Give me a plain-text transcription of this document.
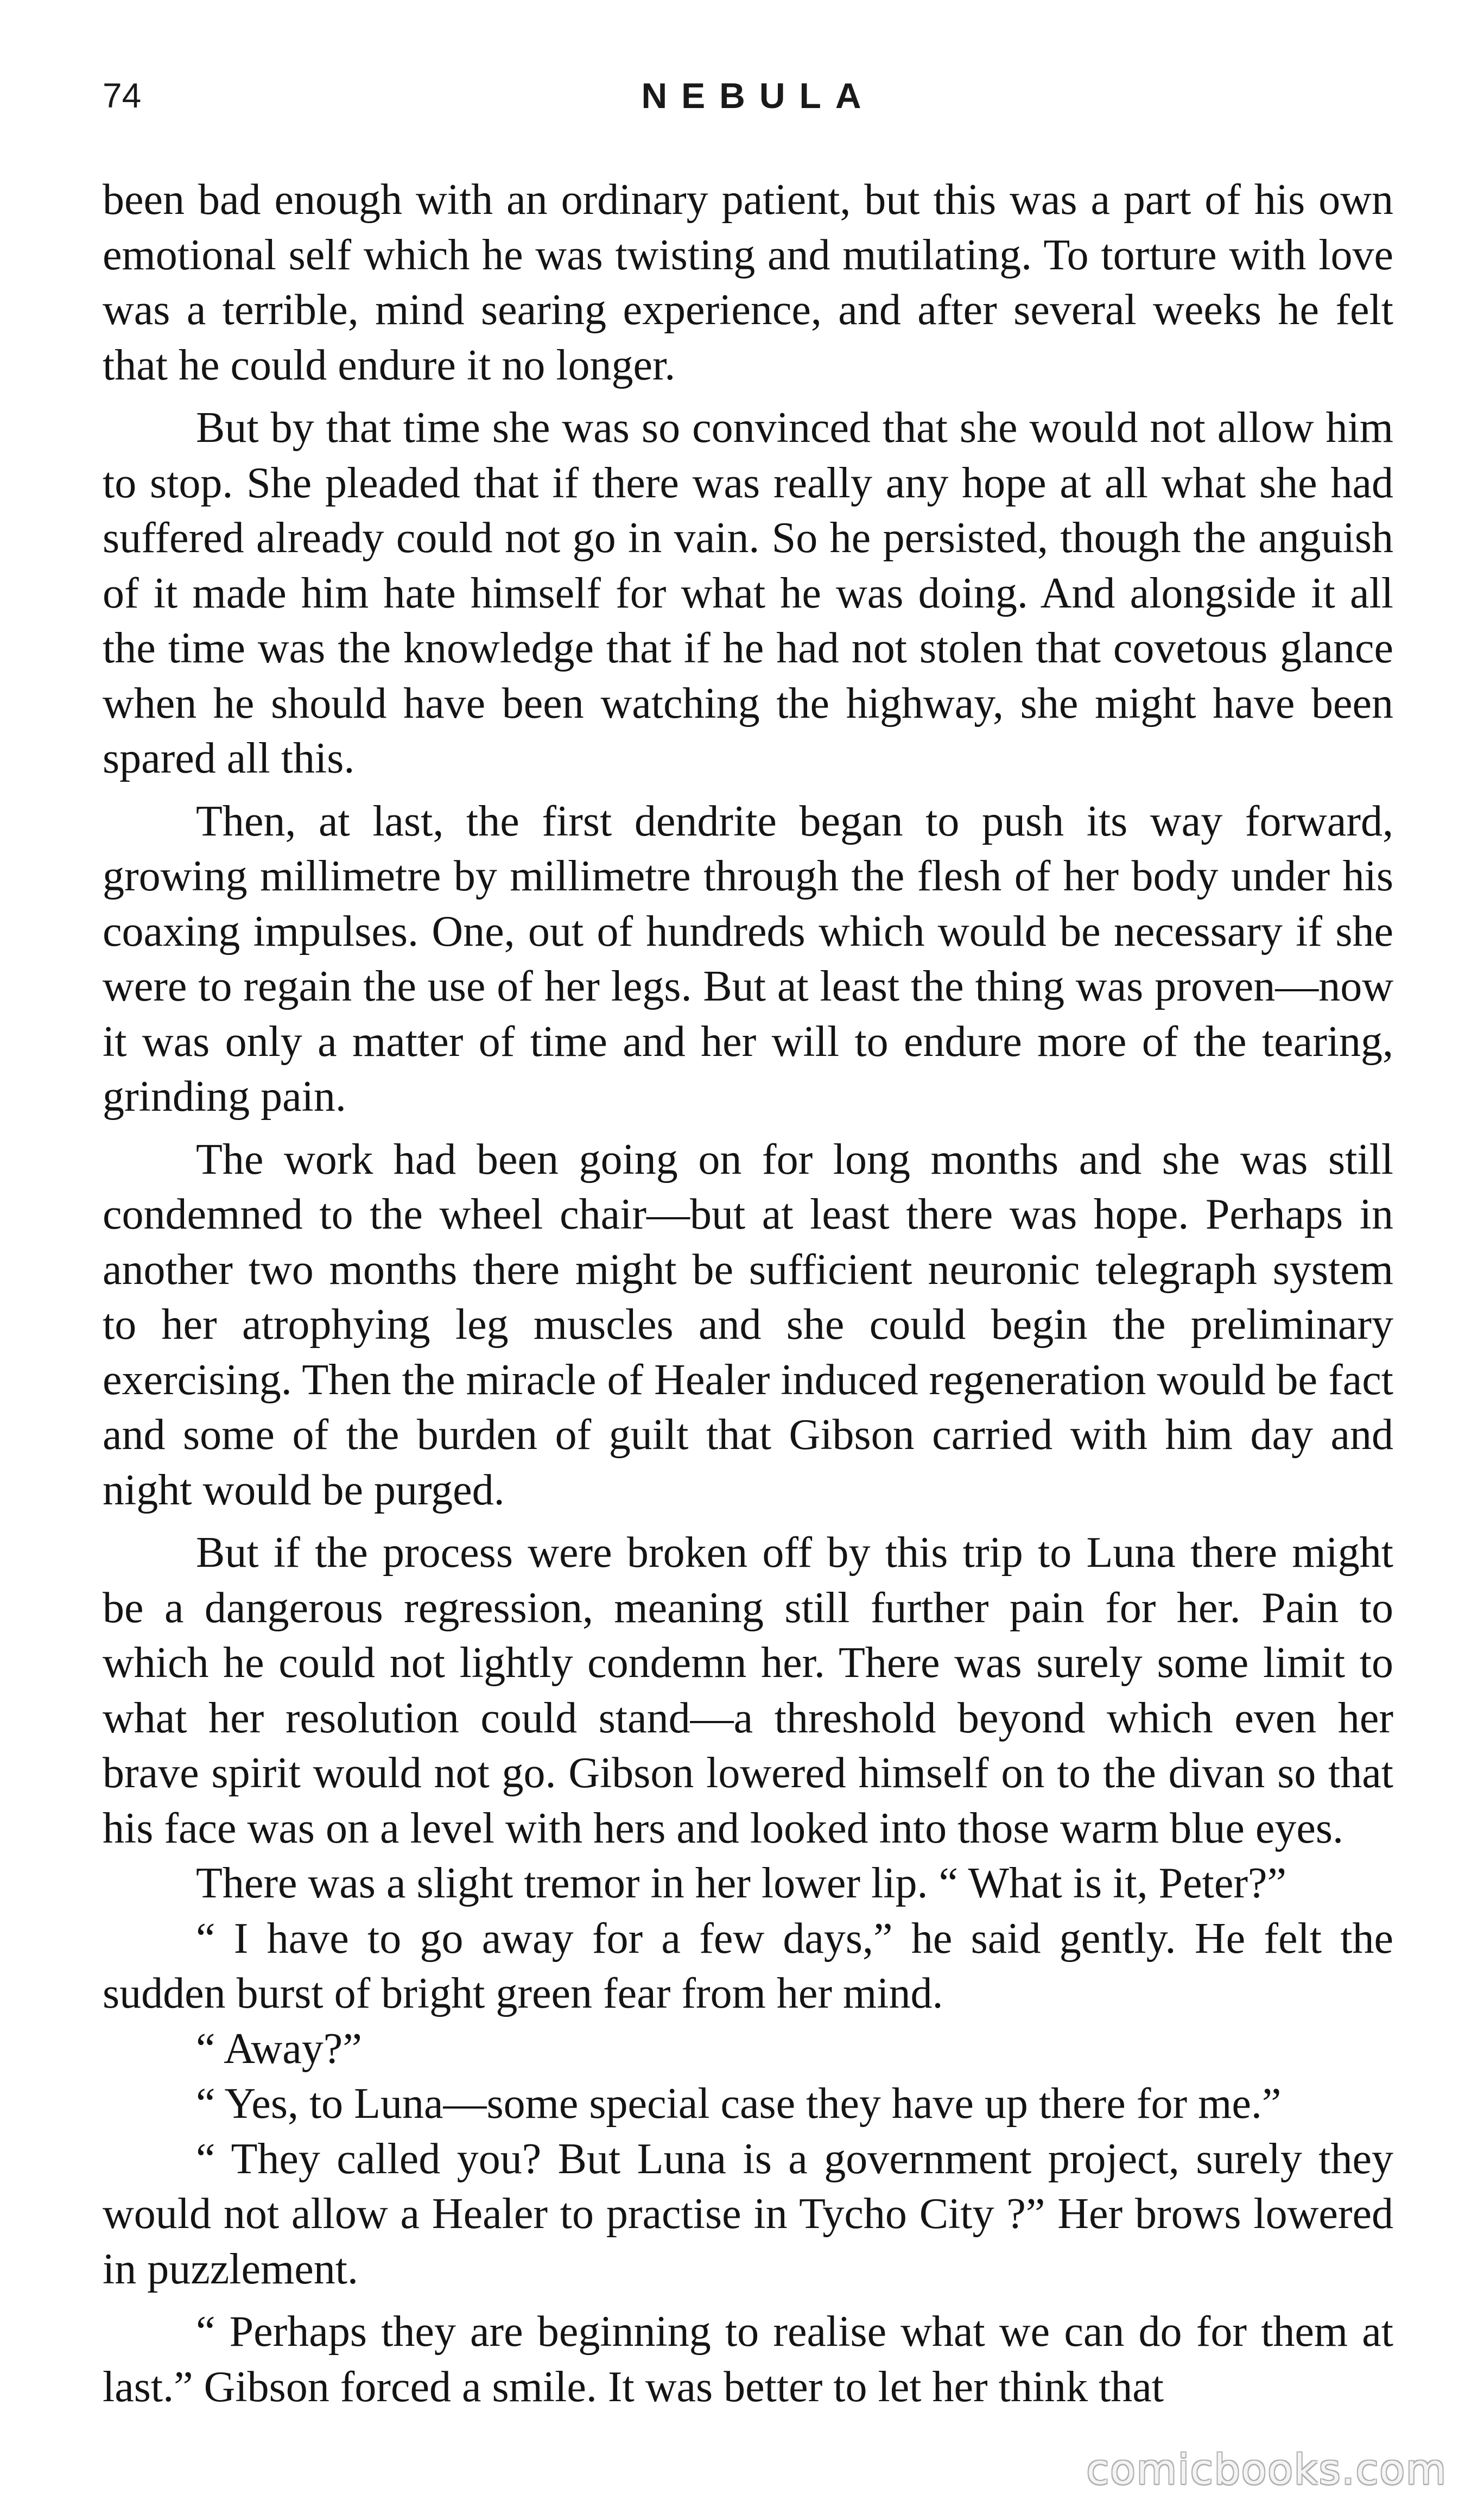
74	NEBULA

been bad enough with an ordinary patient, but this was a part of his own emotional self which he was twisting and mutilating. To torture with love was a terrible, mind searing experience, and after several weeks he felt that he could endure it no longer.

But by that time she was so convinced that she would not allow him to stop. She pleaded that if there was really any hope at all what she had suffered already could not go in vain. So he persisted, though the anguish of it made him hate himself for what he was doing. And alongside it all the time was the knowledge that if he had not stolen that covetous glance when he should have been watching the highway, she might have been spared all this.

Then, at last, the first dendrite began to push its way forward, growing millimetre by millimetre through the flesh of her body under his coaxing impulses. One, out of hundreds which would be necessary if she were to regain the use of her legs. But at least the thing was proven—now it was only a matter of time and her will to endure more of the tearing, grinding pain.

The work had been going on for long months and she was still condemned to the wheel chair—but at least there was hope. Perhaps in another two months there might be sufficient neuronic telegraph system to her atrophying leg muscles and she could begin the preliminary exercising. Then the miracle of Healer induced regeneration would be fact and some of the burden of guilt that Gibson carried with him day and night would be purged.

But if the process were broken off by this trip to Luna there might be a dangerous regression, meaning still further pain for her. Pain to which he could not lightly condemn her. There was surely some limit to what her resolution could stand—a threshold beyond which even her brave spirit would not go. Gibson lowered himself on to the divan so that his face was on a level with hers and looked into those warm blue eyes.

There was a slight tremor in her lower lip. “ What is it, Peter?”

“ I have to go away for a few days,” he said gently. He felt the sudden burst of bright green fear from her mind.

“ Away?”

“ Yes, to Luna—some special case they have up there for me.”

“ They called you? But Luna is a government project, surely they would not allow a Healer to practise in Tycho City ?” Her brows lowered in puzzlement.

“ Perhaps they are beginning to realise what we can do for them at last.” Gibson forced a smile. It was better to let her think that

comicbooks.com
